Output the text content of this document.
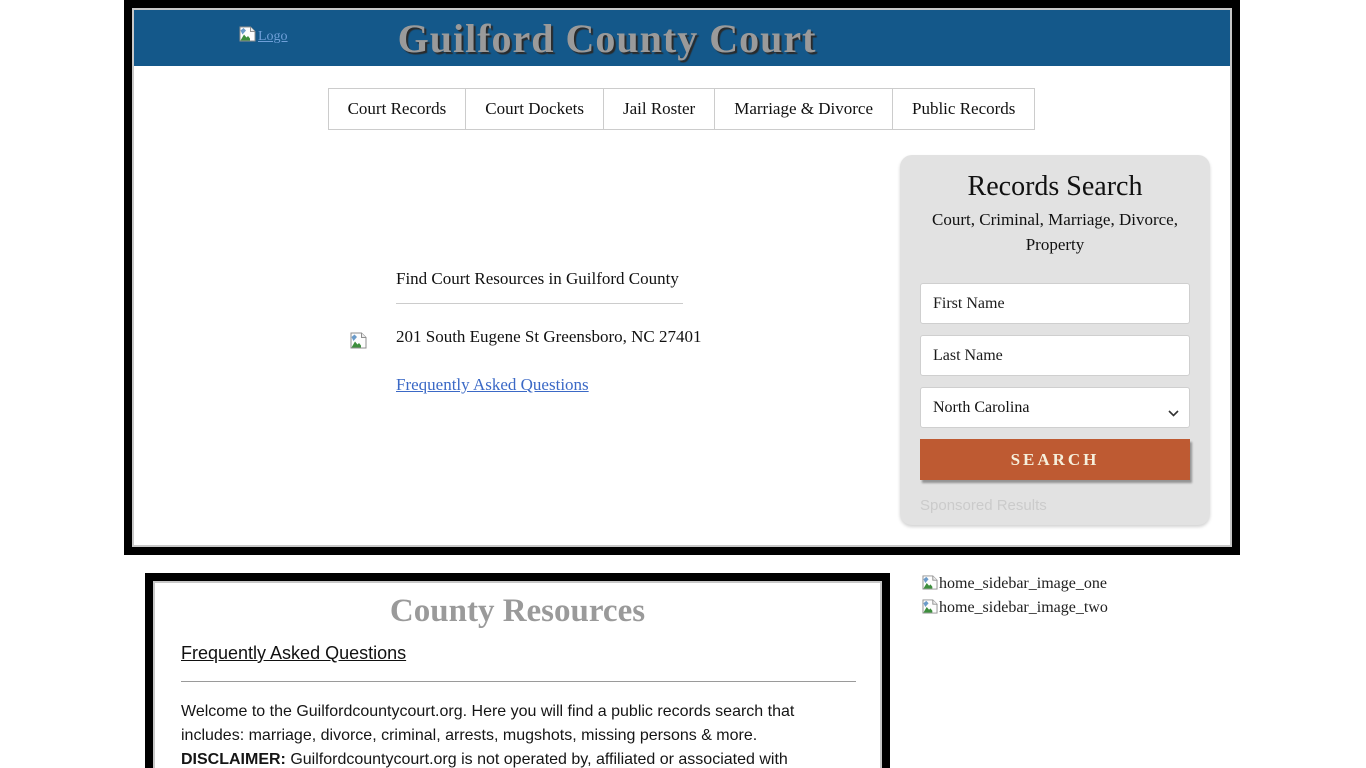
Logo	Guilford County Court
Court Records Court Dockets Jail Roster Marriage & Divorce Public Records
Find Court Resources in Guilford County
201 South Eugene St Greensboro, NC 27401
Frequently Asked Questions
Records Search
Court, Criminal, Marriage, Divorce, Property
First Name
Last Name
North Carolina
SEARCH
Sponsored Results
County Resources
Frequently Asked Questions
Welcome to the Guilfordcountycourt.org. Here you will find a public records search that includes: marriage, divorce, criminal, arrests, mugshots, missing persons & more.
DISCLAIMER: Guilfordcountycourt.org is not operated by, affiliated or associated with
home_sidebar_image_one
home_sidebar_image_two
